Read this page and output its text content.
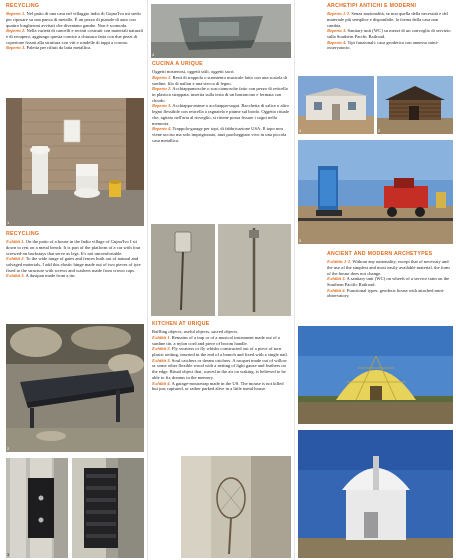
RECYCLING

Reperto 1. Nel patio di una casa nel villaggio indio di Gujna'Ivo mi siedo per riposare su una panca di metallo. È un pezzo di pianale di auto con quattro longheroni avvitati che diventano gambe. Non è scomoda.

Reperto 2. Nella varietà di cancelli e recinti costruiti con materiali naturali e di recupero, aggiungo questa cornice a chiusura fatta con due pezzi di copertone fissati alla struttura con viti e rondelle di tappi a corona.

Reperto 3. Paletta per rifiuti da latta metallica.

1
RECYCLING

Exhibit 1. On the patio of a house in the Indio village of Gujna'Ivo I sit down to rest on a metal bench. It is part of the platform of a car with four screwed-on backstays that serve as legs. It's not uncomfortable.

Exhibit 2. To the wide range of gates and fences built out of natural and salvaged materials, I add this elastic hinge made out of two pieces of tyre fixed to the structure with screws and washers made from crown caps.

Exhibit 3. A dustpan made from a tin.

2
3
4
CUCINA A URIQUE

Oggetti misteriosi, oggetti utili, oggetti sacri.

Reperto 1. Resti di trappola o strumento musicale fatto con una scatola di sardine, filo di nailon e una stecca di legno.

Reperto 2. Acchiappamosche o scacciamosche fatto con pezzo di reticella in plastica strappata, inserita sulla testa di un bastoncino e fermata con chiodo.

Reperto 3. Acchiappa-anime o acchiappa-sogni. Racchetta di salice o altro legno flessibile con reticella a ragnatela e piume sul bordo. Oggetto rituale che, agitato nell'aria al risveglio, si ritiene possa fissare i sogni nella memoria.

Reperto 4. Trappola-garage per topi, di fabbricazione USA. Il topo non viene ucciso ma solo imprigionato, anzi parcheggiato vivo in una piccola casa metallica.

KITCHEN AT URIQUE

Baffling objects, useful objects, sacred objects.

Exhibit 1. Remains of a trap or of a musical instrument made out of a sardine tin, a nylon cord and piece of broom handle.

Exhibit 2. Fly swatters or fly whisks constructed out of a piece of torn plastic netting, inserted in the end of a branch and fixed with a single nail.

Exhibit 3. Soul catchers or dream catchers. A racquet made out of willow or some other flexible wood with a netting of light gauze and feathers on the edge. Ritual object that, waved in the air on waking, is believed to be able to fix dreams in the memory.

Exhibit 4. A garage-mousetrap made in the US. The mouse is not killed but just captured, or rather parked alive in a little metal house.

ARCHETIPI ANTICHI E MODERNI

Reperto 1-2. Senza nazionalità, se non quella della necessità e del materiale più semplice e disponibile, la forma della casa non cambia.

Reperto 3. Sanitary unit (WC) su mezzi di un convoglio di servizio sulla Southern Pacific Railroad.

Reperto 4. Tipi funzionali: casa geodetica con annesso mini-osservatorio.

1	2
3
ANCIENT AND MODERN ARCHETYPES

Exhibits 1-2. Without any nationality, except that of necessity and the use of the simplest and most easily available material, the form of the house does not change.

Exhibit 3. A sanitary unit (WC) on wheels of a service train on the Southern Pacific Railroad.

Exhibit 4. Functional types: geodesic house with attached mini-observatory.
